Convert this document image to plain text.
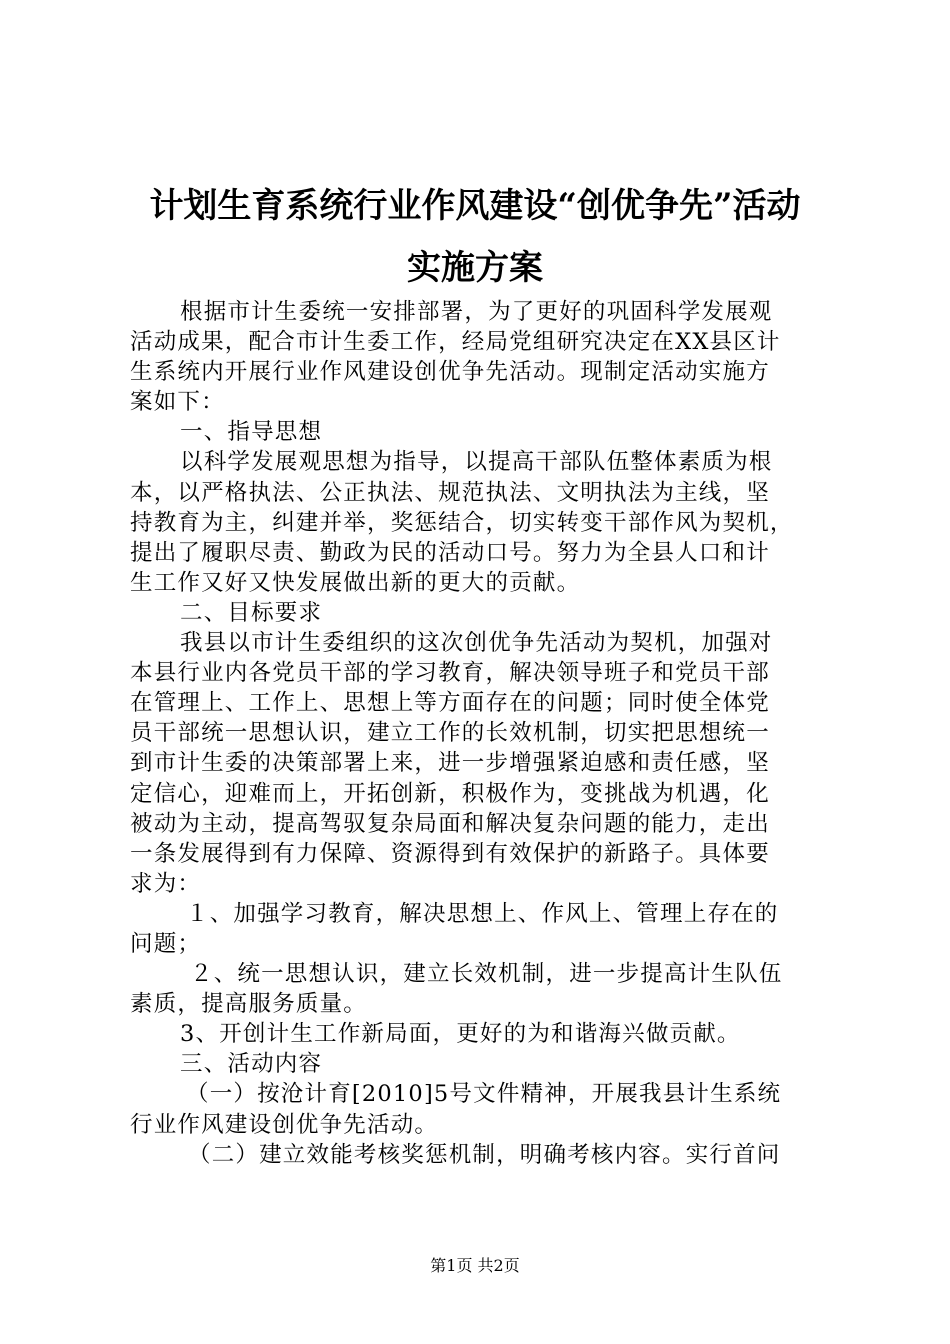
计划生育系统行业作风建设“创优争先”活动
实施方案
根据市计生委统一安排部署，为了更好的巩固科学发展观
活动成果，配合市计生委工作，经局党组研究决定在XX县区计
生系统内开展行业作风建设创优争先活动。现制定活动实施方
案如下：
一、指导思想
以科学发展观思想为指导，以提高干部队伍整体素质为根
本，以严格执法、公正执法、规范执法、文明执法为主线，坚
持教育为主，纠建并举，奖惩结合，切实转变干部作风为契机，
提出了履职尽责、勤政为民的活动口号。努力为全县人口和计
生工作又好又快发展做出新的更大的贡献。
二、目标要求
我县以市计生委组织的这次创优争先活动为契机，加强对
本县行业内各党员干部的学习教育，解决领导班子和党员干部
在管理上、工作上、思想上等方面存在的问题；同时使全体党
员干部统一思想认识，建立工作的长效机制，切实把思想统一
到市计生委的决策部署上来，进一步增强紧迫感和责任感，坚
定信心，迎难而上，开拓创新，积极作为，变挑战为机遇，化
被动为主动，提高驾驭复杂局面和解决复杂问题的能力，走出
一条发展得到有力保障、资源得到有效保护的新路子。具体要
求为：
１、加强学习教育，解决思想上、作风上、管理上存在的
问题；
２、统一思想认识，建立长效机制，进一步提高计生队伍
素质，提高服务质量。
3、开创计生工作新局面，更好的为和谐海兴做贡献。
三、活动内容
（一）按沧计育[2010]5号文件精神，开展我县计生系统
行业作风建设创优争先活动。
（二）建立效能考核奖惩机制，明确考核内容。实行首问
第1页 共2页
